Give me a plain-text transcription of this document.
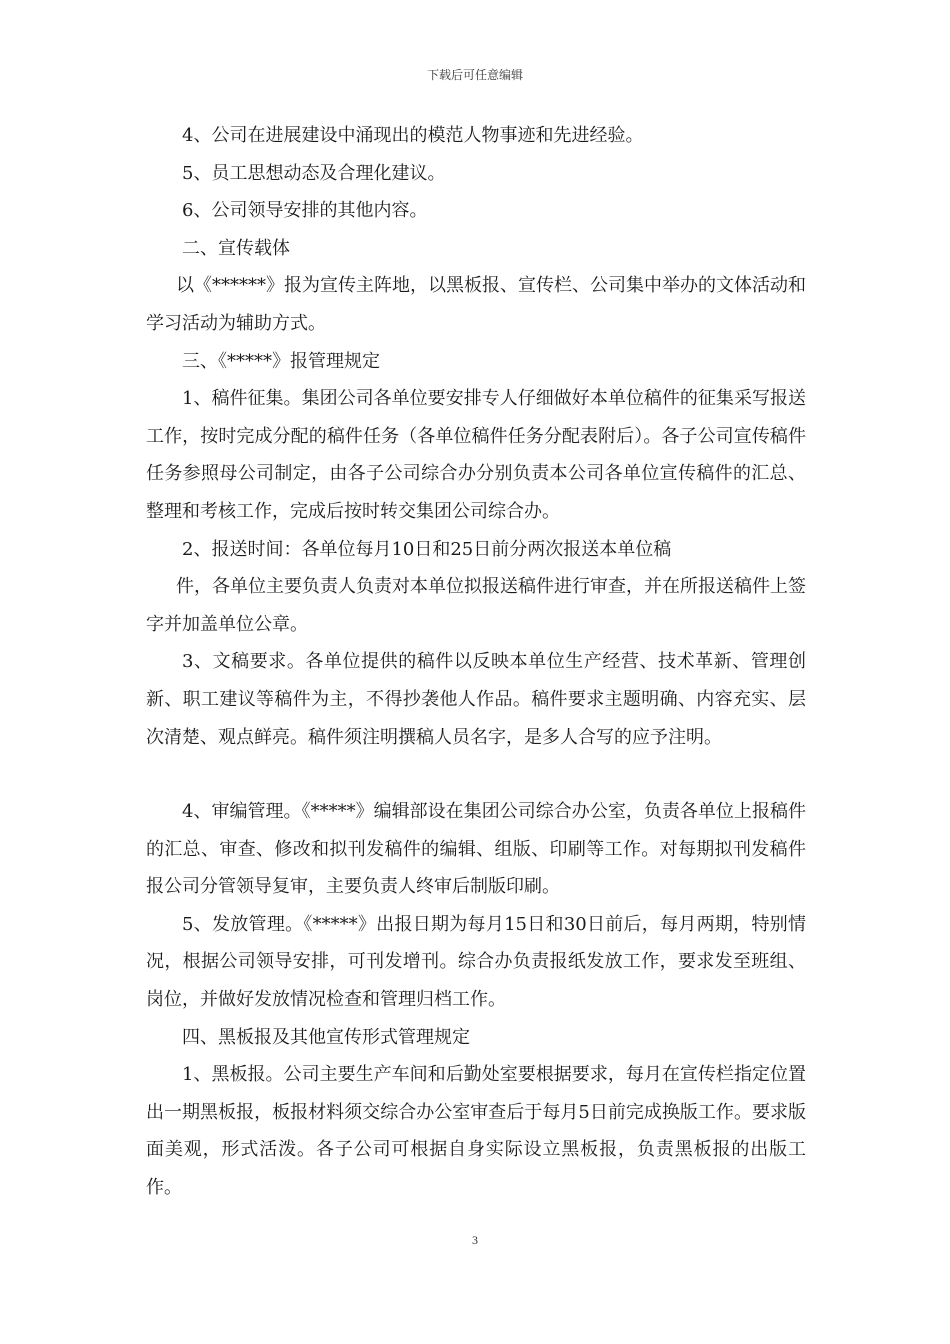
下载后可任意编辑

4、公司在进展建设中涌现出的模范人物事迹和先进经验。

5、员工思想动态及合理化建议。

6、公司领导安排的其他内容。

二、宣传载体

以《******》报为宣传主阵地，以黑板报、宣传栏、公司集中举办的文体活动和学习活动为辅助方式。

三、《*****》报管理规定

1、稿件征集。集团公司各单位要安排专人仔细做好本单位稿件的征集采写报送工作，按时完成分配的稿件任务（各单位稿件任务分配表附后）。各子公司宣传稿件任务参照母公司制定，由各子公司综合办分别负责本公司各单位宣传稿件的汇总、整理和考核工作，完成后按时转交集团公司综合办。

2、报送时间：各单位每月10日和25日前分两次报送本单位稿

件，各单位主要负责人负责对本单位拟报送稿件进行审查，并在所报送稿件上签字并加盖单位公章。

3、文稿要求。各单位提供的稿件以反映本单位生产经营、技术革新、管理创新、职工建议等稿件为主，不得抄袭他人作品。稿件要求主题明确、内容充实、层次清楚、观点鲜亮。稿件须注明撰稿人员名字，是多人合写的应予注明。

4、审编管理。《*****》编辑部设在集团公司综合办公室，负责各单位上报稿件的汇总、审查、修改和拟刊发稿件的编辑、组版、印刷等工作。对每期拟刊发稿件报公司分管领导复审，主要负责人终审后制版印刷。

5、发放管理。《*****》出报日期为每月15日和30日前后，每月两期，特别情况，根据公司领导安排，可刊发增刊。综合办负责报纸发放工作，要求发至班组、岗位，并做好发放情况检查和管理归档工作。

四、黑板报及其他宣传形式管理规定

1、黑板报。公司主要生产车间和后勤处室要根据要求，每月在宣传栏指定位置出一期黑板报，板报材料须交综合办公室审查后于每月5日前完成换版工作。要求版面美观，形式活泼。各子公司可根据自身实际设立黑板报，负责黑板报的出版工作。

3
